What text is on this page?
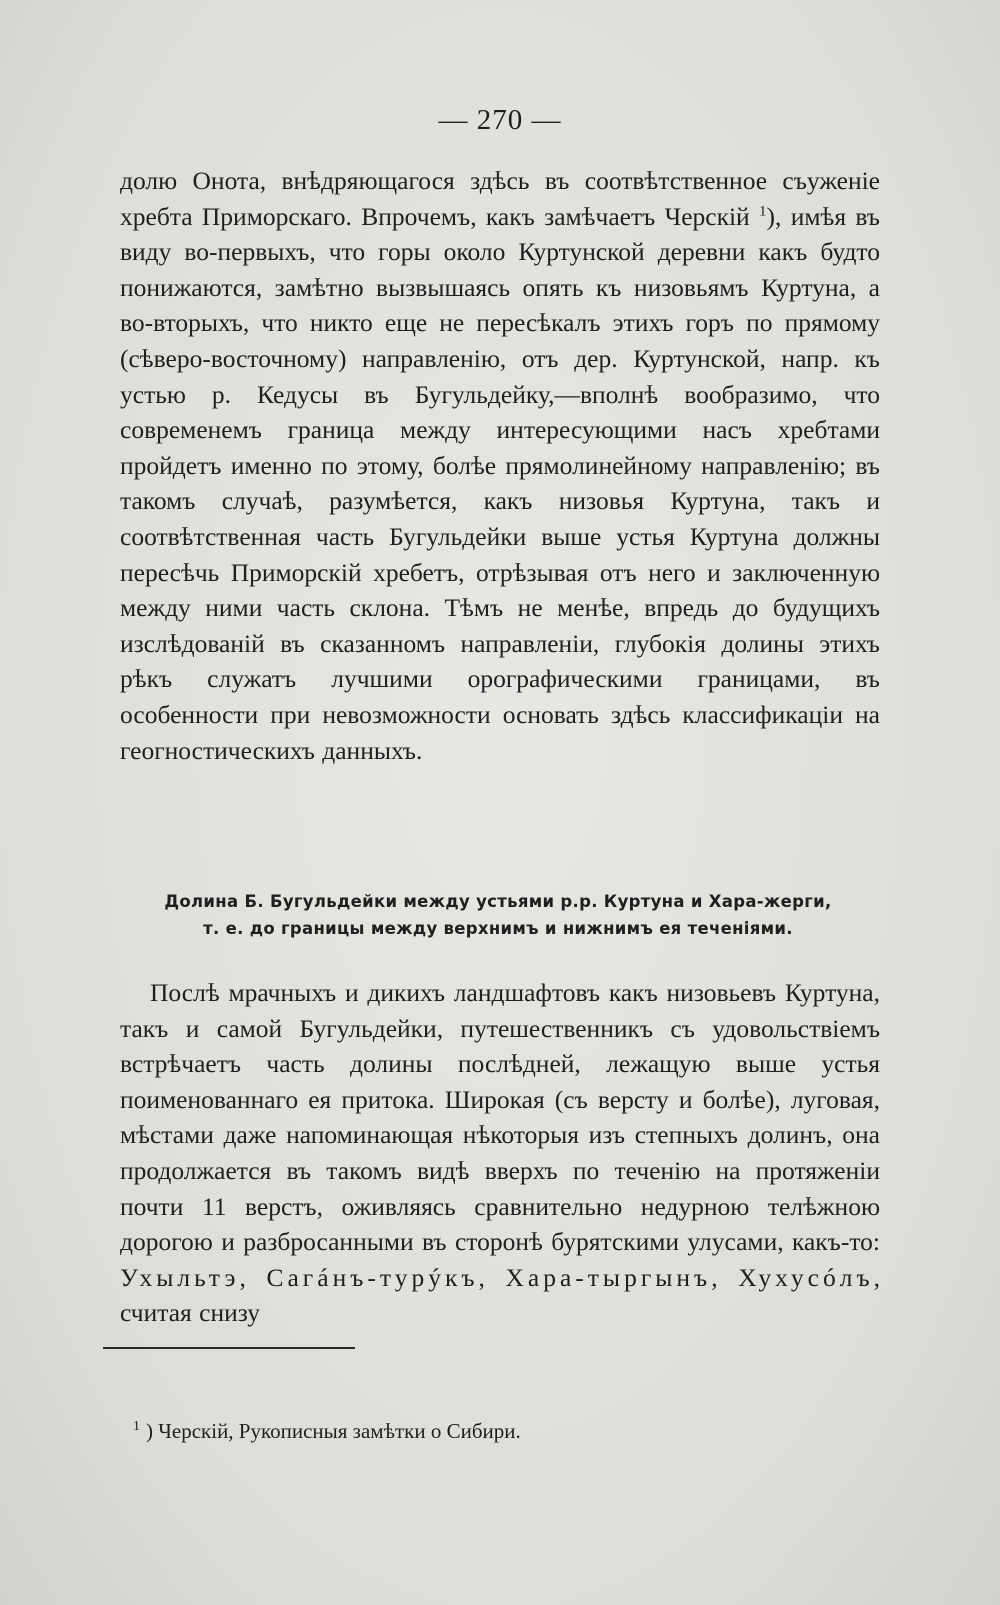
— 270 —
долю Онота, внѣдряющагося здѣсь въ соотвѣтственное съуженіе хребта Приморскаго. Впрочемъ, какъ замѣчаетъ Черскій $^1$), имѣя въ виду во-первыхъ, что горы около Куртунской деревни какъ будто понижаются, замѣтно вызвышаясь опять къ низовьямъ Куртуна, а во-вторыхъ, что никто еще не пересѣкалъ этихъ горъ по прямому (сѣверо-восточному) направленію, отъ дер. Куртунской, напр. къ устью р. Кедусы въ Бугульдейку,—вполнѣ вообразимо, что современемъ граница между интересующими насъ хребтами пройдетъ именно по этому, болѣе прямолинейному направленію; въ такомъ случаѣ, разумѣется, какъ низовья Куртуна, такъ и соотвѣтственная часть Бугульдейки выше устья Куртуна должны пересѣчь Приморскій хребетъ, отрѣзывая отъ него и заключенную между ними часть склона. Тѣмъ не менѣе, впредь до будущихъ изслѣдованій въ сказанномъ направленіи, глубокія долины этихъ рѣкъ служатъ лучшими орографическими границами, въ особенности при невозможности основать здѣсь классификаціи на геогностическихъ данныхъ.
Долина Б. Бугульдейки между устьями р.р. Куртуна и Хара-жерги,
т. е. до границы между верхнимъ и нижнимъ ея теченіями.
Послѣ мрачныхъ и дикихъ ландшафтовъ какъ низовьевъ Куртуна, такъ и самой Бугульдейки, путешественникъ съ удовольствіемъ встрѣчаетъ часть долины послѣдней, лежащую выше устья поименованнаго ея притока. Широкая (съ версту и болѣе), луговая, мѣстами даже напоминающая нѣкоторыя изъ степныхъ долинъ, она продолжается въ такомъ видѣ вверхъ по теченію на протяженіи почти 11 верстъ, оживляясь сравнительно недурною телѣжною дорогою и разбросанными въ сторонѣ бурятскими улусами, какъ-то: Ухыльтэ, Сагáнъ-турýкъ, Хара-тыргынъ, Хухусóлъ, считая снизу
$^1$ ) Черскій, Рукописныя замѣтки о Сибири.
